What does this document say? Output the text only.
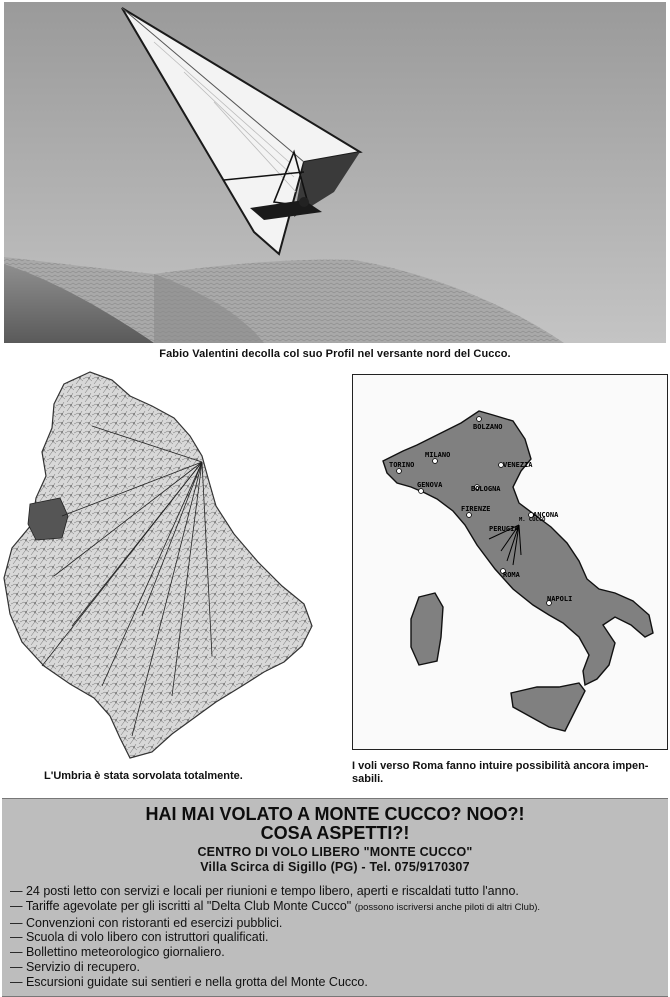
Fabio Valentini decolla col suo Profil nel versante nord del Cucco.
L'Umbria è stata sorvolata totalmente.
BOLZANO
MILANO
TORINO	VENEZIA
GENOVA	BOLOGNA
FIRENZE
ANCONA
PERUGIA
M. CUCCO
ROMA
NAPOLI
I voli verso Roma fanno intuire possibilità ancora impen-sabili.
HAI MAI VOLATO A MONTE CUCCO? NOO?!
COSA ASPETTI?!
CENTRO DI VOLO LIBERO "MONTE CUCCO"
Villa Scirca di Sigillo (PG) - Tel. 075/9170307
— 24 posti letto con servizi e locali per riunioni e tempo libero, aperti e riscaldati tutto l'anno.
— Tariffe agevolate per gli iscritti al "Delta Club Monte Cucco" (possono iscriversi anche piloti di altri Club).
— Convenzioni con ristoranti ed esercizi pubblici.
— Scuola di volo libero con istruttori qualificati.
— Bollettino meteorologico giornaliero.
— Servizio di recupero.
— Escursioni guidate sui sentieri e nella grotta del Monte Cucco.
